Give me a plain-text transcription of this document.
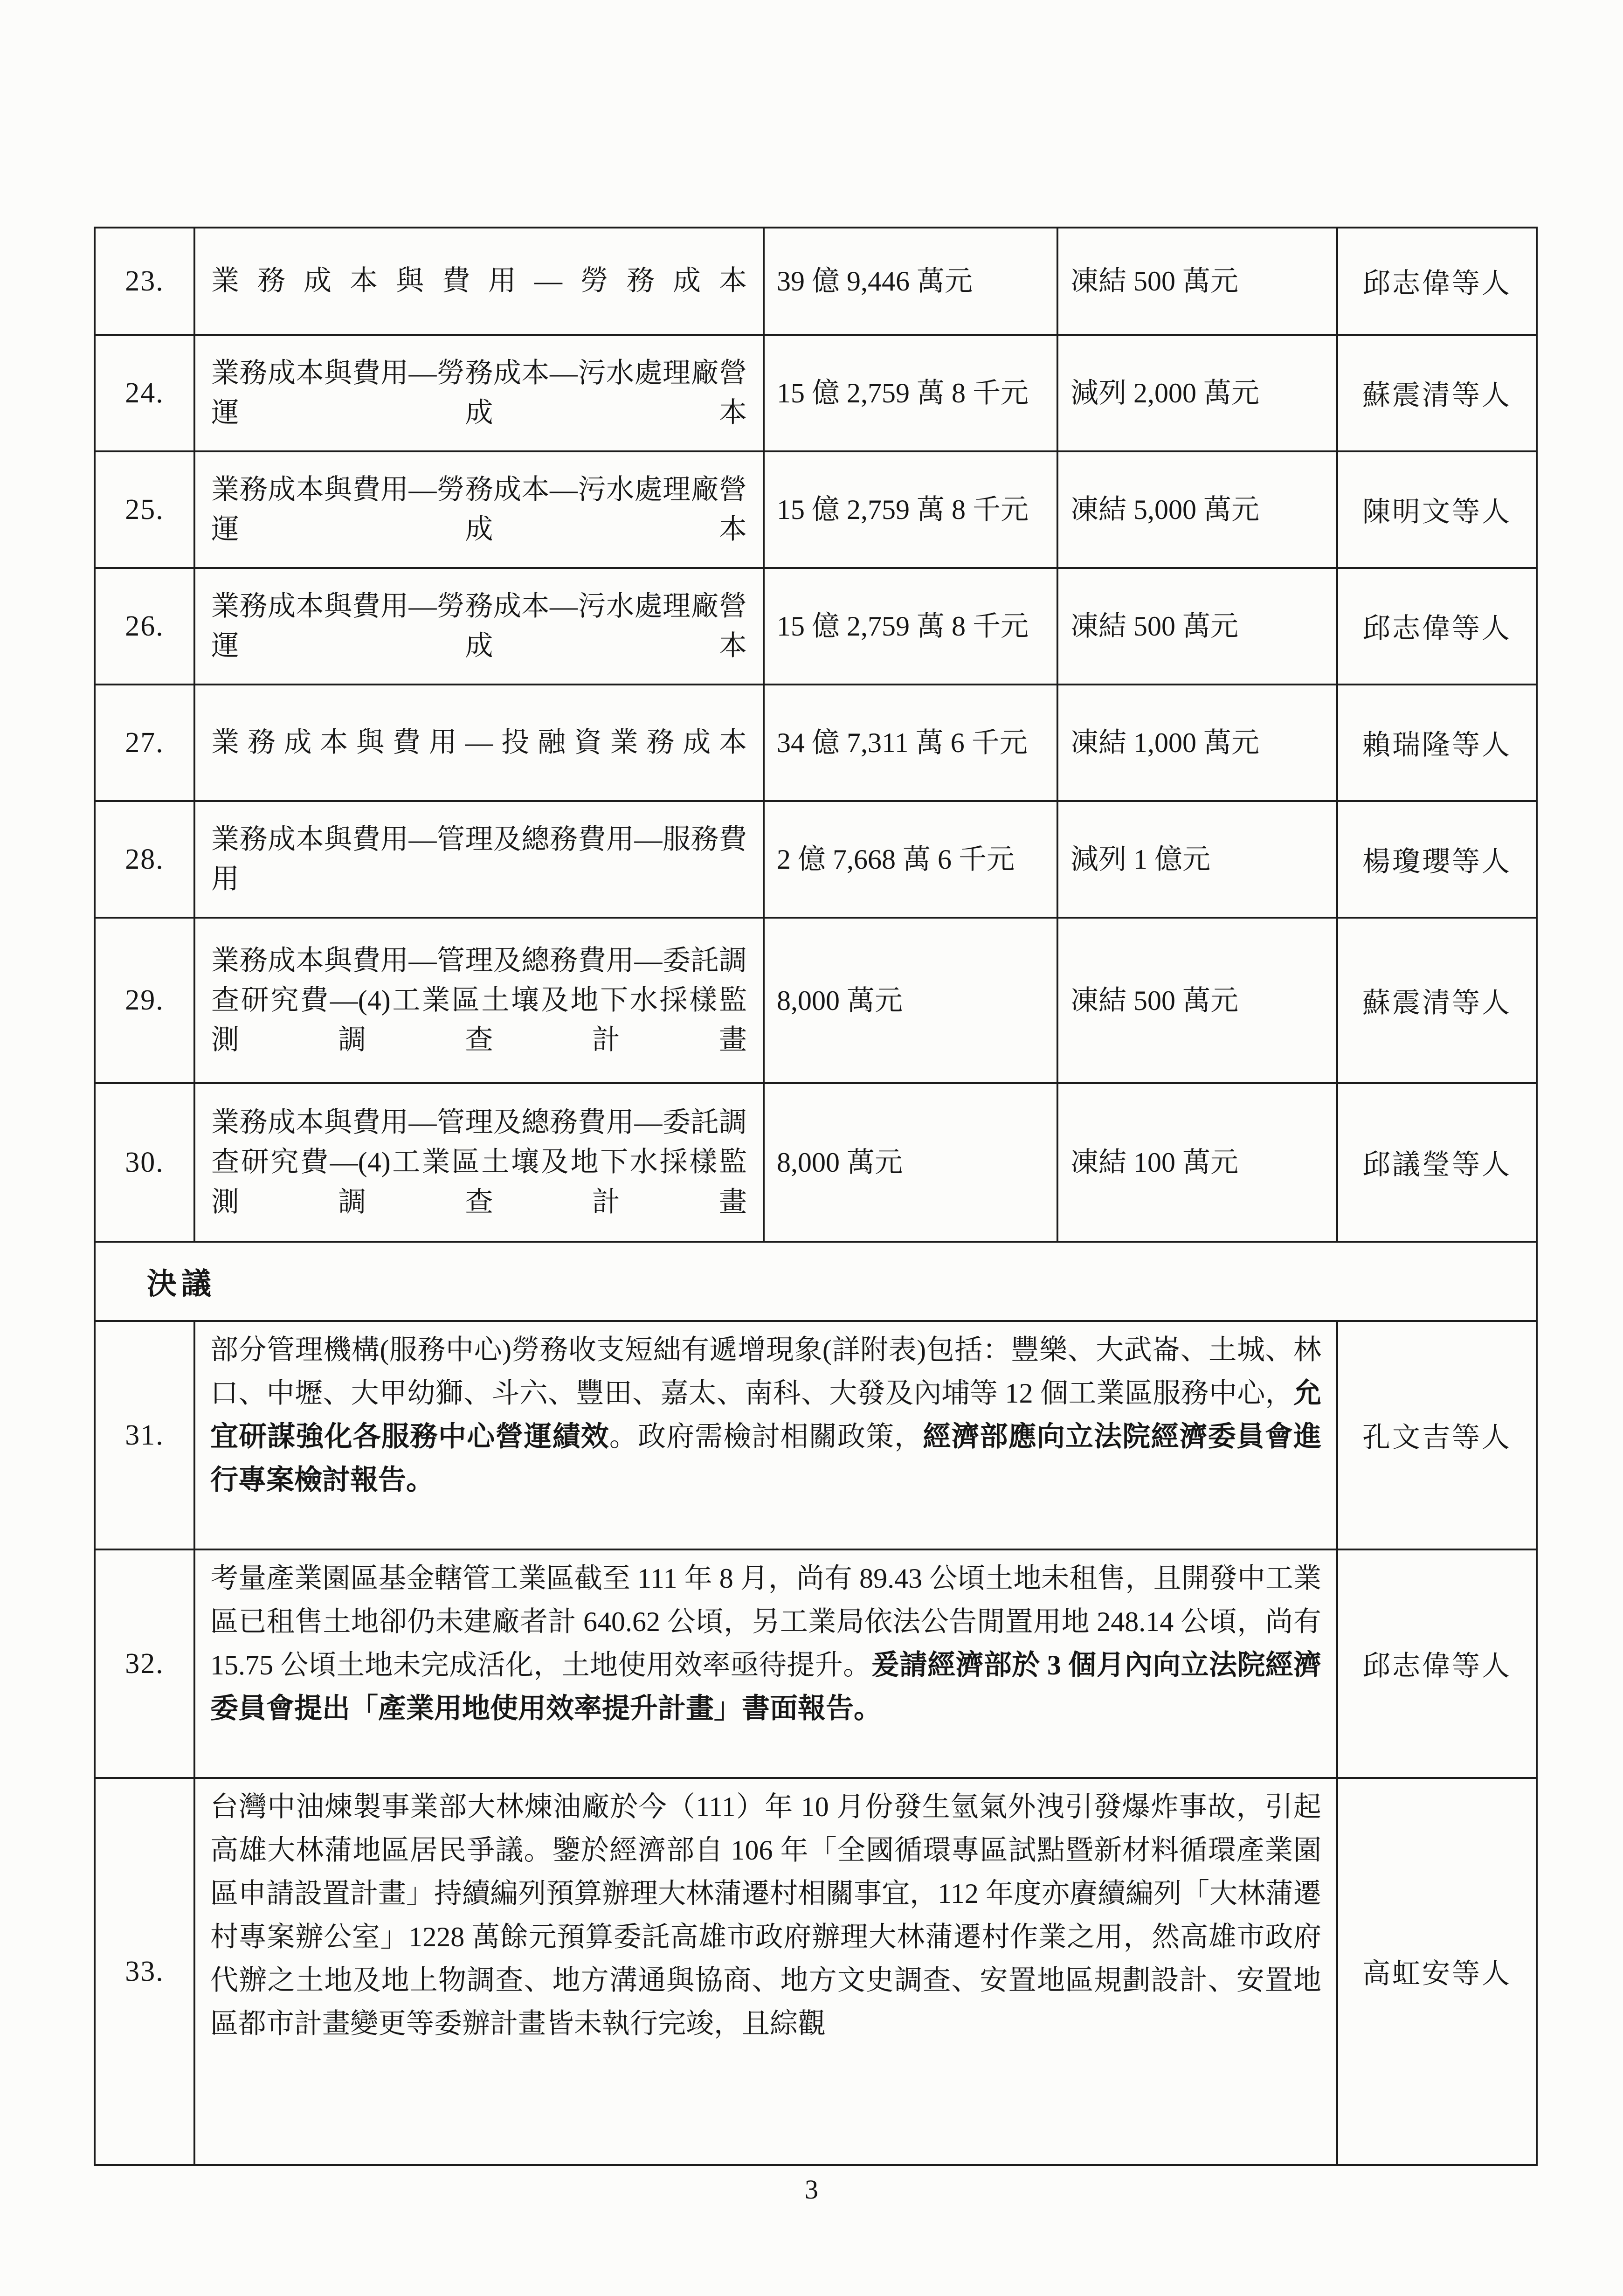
23.	業務成本與費用—勞務成本	39 億 9,446 萬元	凍結 500 萬元	邱志偉等人
24.	業務成本與費用—勞務成本—污水處理廠營運成本	15 億 2,759 萬 8 千元	減列 2,000 萬元	蘇震清等人
25.	業務成本與費用—勞務成本—污水處理廠營運成本	15 億 2,759 萬 8 千元	凍結 5,000 萬元	陳明文等人
26.	業務成本與費用—勞務成本—污水處理廠營運成本	15 億 2,759 萬 8 千元	凍結 500 萬元	邱志偉等人
27.	業務成本與費用—投融資業務成本	34 億 7,311 萬 6 千元	凍結 1,000 萬元	賴瑞隆等人
28.	業務成本與費用—管理及總務費用—服務費用	2 億 7,668 萬 6 千元	減列 1 億元	楊瓊瓔等人
29.	業務成本與費用—管理及總務費用—委託調查研究費—(4)工業區土壤及地下水採樣監測調查計畫	8,000 萬元	凍結 500 萬元	蘇震清等人
30.	業務成本與費用—管理及總務費用—委託調查研究費—(4)工業區土壤及地下水採樣監測調查計畫	8,000 萬元	凍結 100 萬元	邱議瑩等人
決議				
31.	部分管理機構(服務中心)勞務收支短絀有遞增現象(詳附表)包括：豐樂、大武崙、土城、林口、中壢、大甲幼獅、斗六、豐田、嘉太、南科、大發及內埔等 12 個工業區服務中心，允宜研謀強化各服務中心營運績效。政府需檢討相關政策，經濟部應向立法院經濟委員會進行專案檢討報告。			孔文吉等人
32.	考量產業園區基金轄管工業區截至 111 年 8 月，尚有 89.43 公頃土地未租售，且開發中工業區已租售土地卻仍未建廠者計 640.62 公頃，另工業局依法公告閒置用地 248.14 公頃，尚有 15.75 公頃土地未完成活化，土地使用效率亟待提升。爰請經濟部於 3 個月內向立法院經濟委員會提出「產業用地使用效率提升計畫」書面報告。			邱志偉等人
33.	台灣中油煉製事業部大林煉油廠於今（111）年 10 月份發生氫氣外洩引發爆炸事故，引起高雄大林蒲地區居民爭議。鑒於經濟部自 106 年「全國循環專區試點暨新材料循環產業園區申請設置計畫」持續編列預算辦理大林蒲遷村相關事宜，112 年度亦賡續編列「大林蒲遷村專案辦公室」1228 萬餘元預算委託高雄市政府辦理大林蒲遷村作業之用，然高雄市政府代辦之土地及地上物調查、地方溝通與協商、地方文史調查、安置地區規劃設計、安置地區都市計畫變更等委辦計畫皆未執行完竣，且綜觀			高虹安等人
3
